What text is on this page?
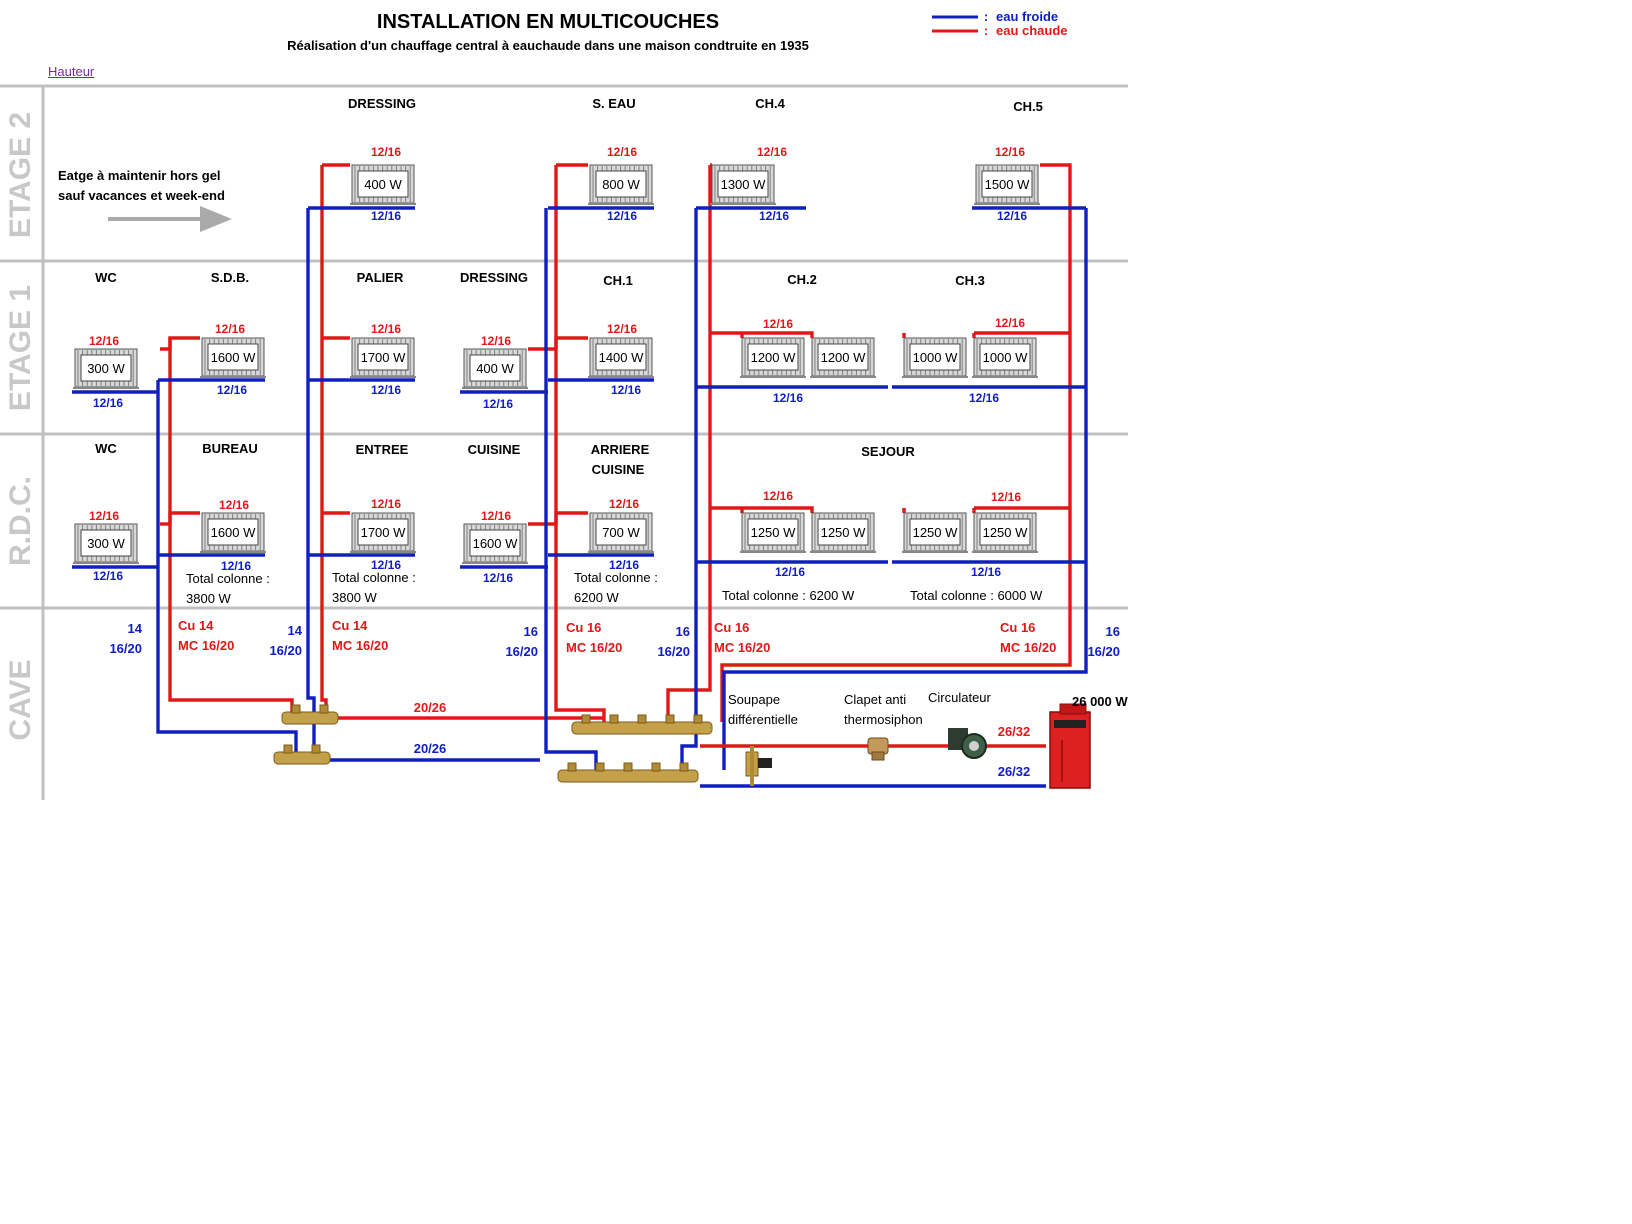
Hauteur
ETAGE 2
ETAGE 1
R.D.C.
CAVE
400 W	800 W	1300 W	1500 W
300 W
1600 W	1700 W
400 W
1400 W	1200 W 1200 W	1000 W 1000 W
300 W
1600 W	1700 W
1600 W
700 W	1250 W 1250 W	1250 W 1250 W
INSTALLATION EN MULTICOUCHES
Réalisation d'un chauffage central à eauchaude dans une maison condtruite en 1935
: eau froide
: eau chaude
Eatge à maintenir hors gel
sauf vacances et week-end
DRESSING	S. EAU	CH.4	CH.5
WC	S.D.B.	PALIER	DRESSING	CH.1	CH.2	CH.3
WC	BUREAU	ENTREE	CUISINE	ARRIERE
CUISINE
SEJOUR
12/16	12/16	12/16	12/16
12/16	12/16	12/16	12/16
12/16
12/16	12/16
12/16
12/16	12/16	12/16
12/16
12/16	12/16
12/16
12/16
12/16	12/16
12/16
12/16	12/16
12/16
12/16
12/16	12/16
12/16
12/16	12/16
12/16
12/16	12/16	12/16
Total colonne :
3800 W
Total colonne :
3800 W
Total colonne :
6200 W	Total colonne : 6200 W	Total colonne : 6000 W
14
16/20
Cu 14
MC 16/20
14
16/20
Cu 14
MC 16/20
16
16/20
Cu 16
MC 16/20
16
16/20
Cu 16
MC 16/20
Cu 16
MC 16/20
16
16/20
20/26
20/26
26/32
26/32
Soupape
différentielle
Clapet anti
thermosiphon
Circulateur	26 000 W
